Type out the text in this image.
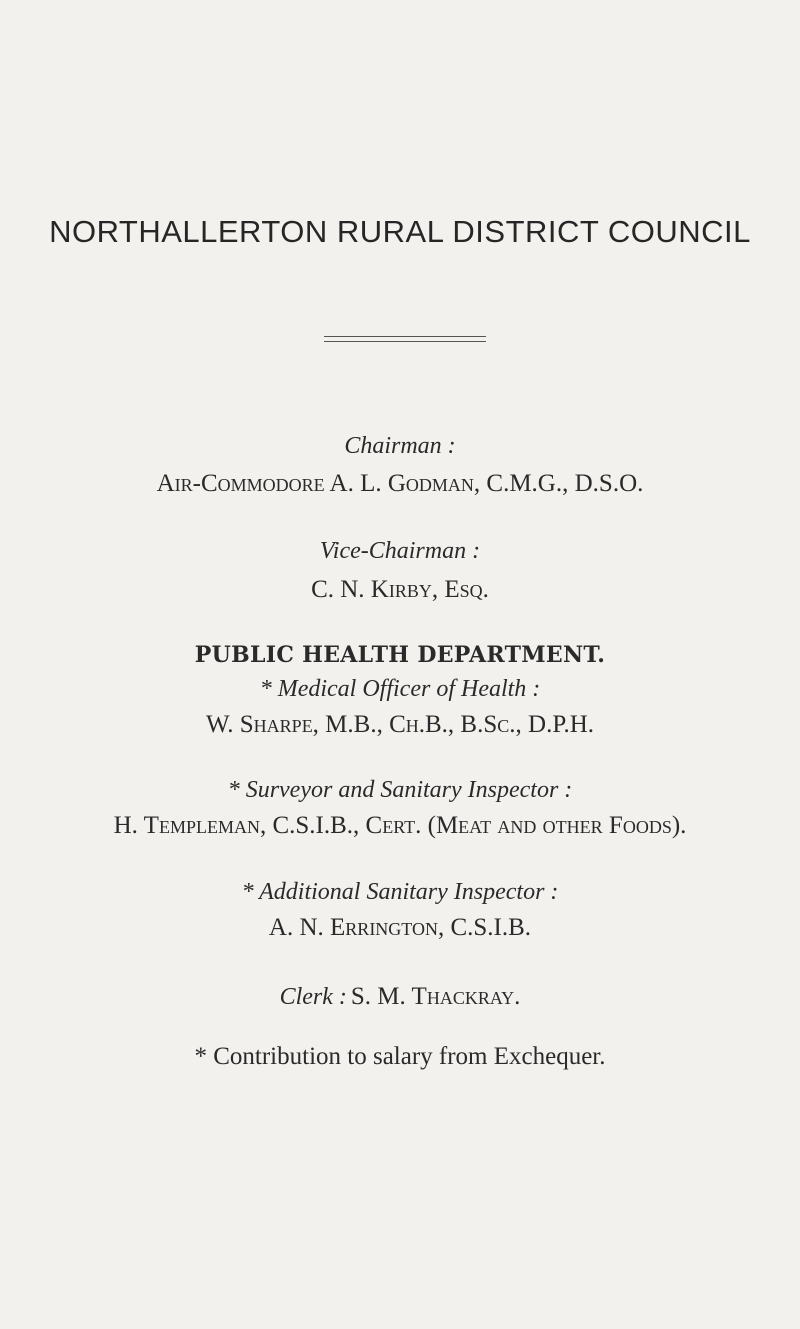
NORTHALLERTON RURAL DISTRICT COUNCIL
Chairman :
Air-Commodore A. L. Godman, C.M.G., D.S.O.
Vice-Chairman :
C. N. Kirby, Esq.
PUBLIC HEALTH DEPARTMENT.
* Medical Officer of Health :
W. Sharpe, M.B., Ch.B., B.Sc., D.P.H.
* Surveyor and Sanitary Inspector :
H. Templeman, C.S.I.B., Cert. (Meat and other Foods).
* Additional Sanitary Inspector :
A. N. Errington, C.S.I.B.
Clerk : S. M. Thackray.
* Contribution to salary from Exchequer.
